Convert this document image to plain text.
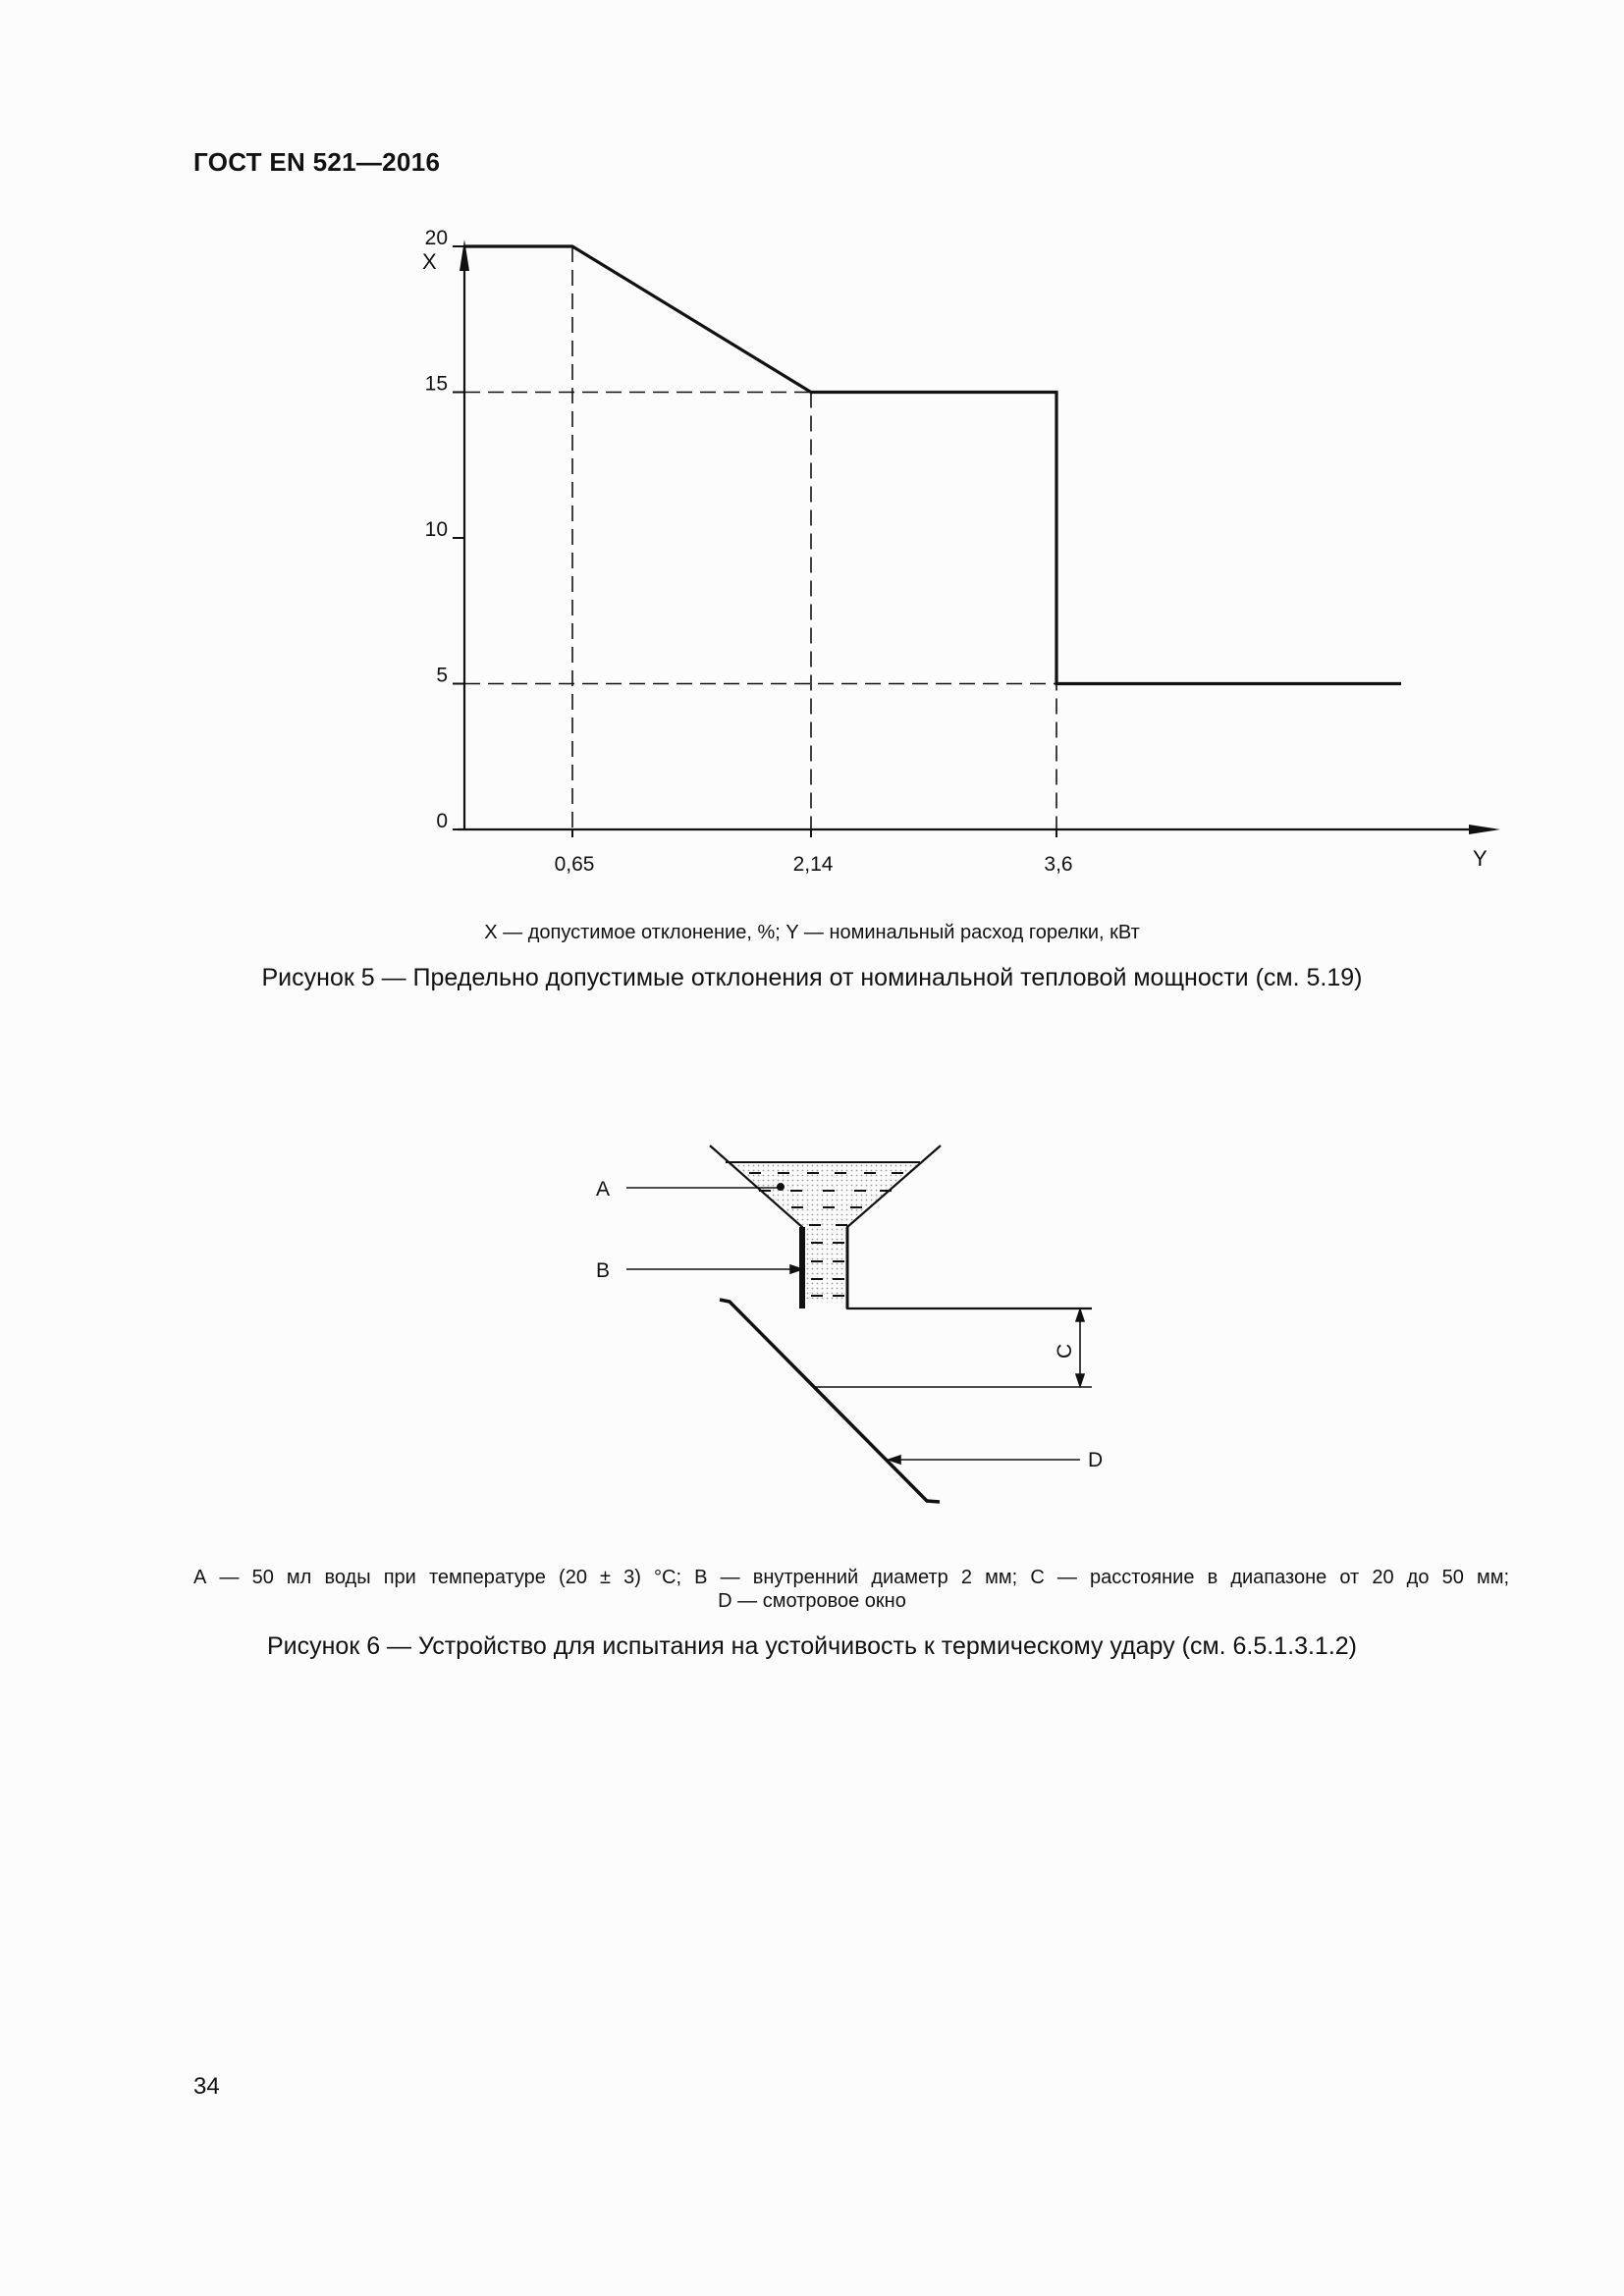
ГОСТ EN 521—2016
0
5
10
15
20
0,65	2,14	3,6
X
Y
X — допустимое отклонение, %; Y — номинальный расход горелки, кВт
Рисунок 5 — Предельно допустимые отклонения от номинальной тепловой мощности (см. 5.19)
A
B
C
D
А — 50 мл воды при температуре (20 ± 3) °С; В — внутренний диаметр 2 мм; С — расстояние в диапазоне от 20 до 50 мм;
D — смотровое окно
Рисунок 6 — Устройство для испытания на устойчивость к термическому удару (см. 6.5.1.3.1.2)
34
